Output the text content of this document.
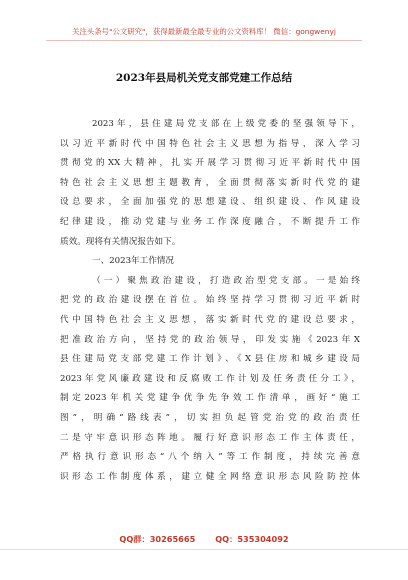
关注头条号"公文研究"，获得最新最全最专业的公文资料库！ 微信：gongwenyj
2023年县局机关党支部党建工作总结
2023年，县住建局党支部在上级党委的坚强领导下，
以习近平新时代中国特色社会主义思想为指导，深入学习
贯彻党的XX大精神，扎实开展学习贯彻习近平新时代中国
特色社会主义思想主题教育，全面贯彻落实新时代党的建
设总要求，全面加强党的思想建设、组织建设、作风建设
纪律建设，推动党建与业务工作深度融合，不断提升工作
质效。现将有关情况报告如下。
一、2023年工作情况
（一）聚焦政治建设，打造政治型党支部。一是始终
把党的政治建设摆在首位。始终坚持学习贯彻习近平新时
代中国特色社会主义思想，落实新时代党的建设总要求，
把准政治方向，坚持党的政治领导，印发实施《2023年X
县住建局党支部党建工作计划》、《X县住房和城乡建设局
2023年党风廉政建设和反腐败工作计划及任务责任分工》，
制定2023年机关党建争优争先争效工作清单，画好“施工
图”，明确“路线表”，切实担负起管党治党的政治责任
二是守牢意识形态阵地。履行好意识形态工作主体责任，
严格执行意识形态“八个纳入”等工作制度，持续完善意
识形态工作制度体系，建立健全网络意识形态风险防控体
QQ群：30265665 QQ：535304092
